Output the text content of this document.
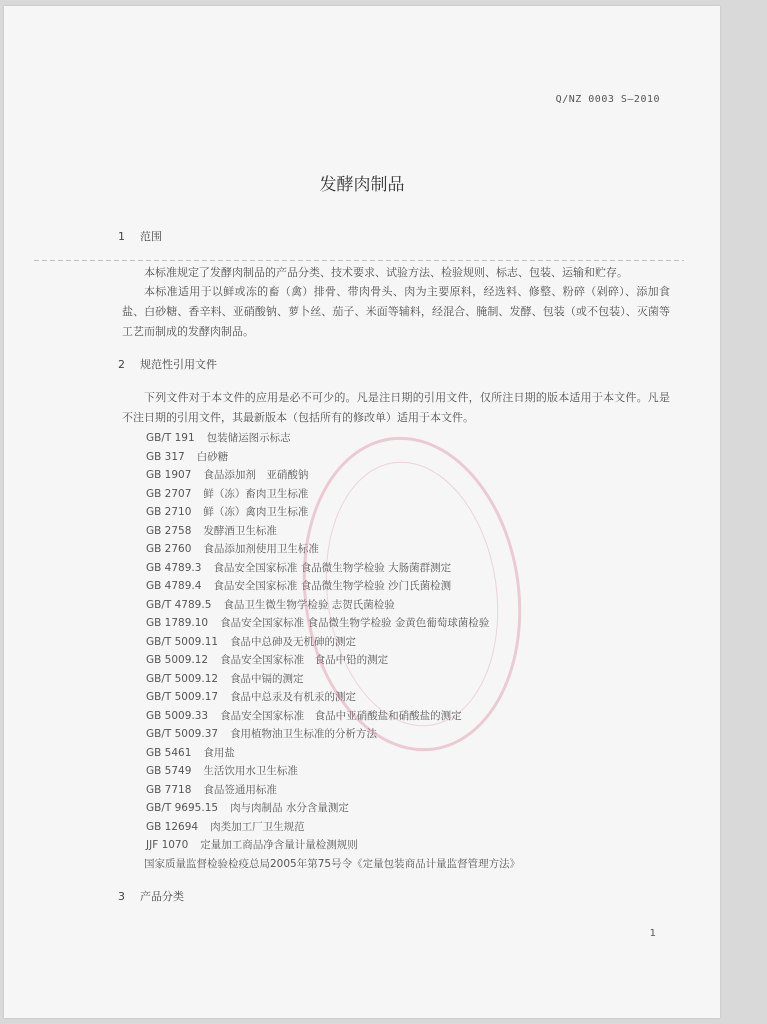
Q/NZ 0003 S—2010
发酵肉制品
1 范围
本标准规定了发酵肉制品的产品分类、技术要求、试验方法、检验规则、标志、包装、运输和贮存。
本标准适用于以鲜或冻的畜（禽）排骨、带肉骨头、肉为主要原料，经选料、修整、粉碎（剁碎）、添加食盐、白砂糖、香辛料、亚硝酸钠、萝卜丝、茄子、米面等辅料，经混合、腌制、发酵、包装（或不包装）、灭菌等工艺而制成的发酵肉制品。
2 规范性引用文件
下列文件对于本文件的应用是必不可少的。凡是注日期的引用文件，仅所注日期的版本适用于本文件。凡是不注日期的引用文件，其最新版本（包括所有的修改单）适用于本文件。
GB/T 191 包装储运图示标志
GB 317 白砂糖
GB 1907 食品添加剂　亚硝酸钠
GB 2707 鲜（冻）畜肉卫生标准
GB 2710 鲜（冻）禽肉卫生标准
GB 2758 发酵酒卫生标准
GB 2760 食品添加剂使用卫生标准
GB 4789.3 食品安全国家标准 食品微生物学检验 大肠菌群测定
GB 4789.4 食品安全国家标准 食品微生物学检验 沙门氏菌检测
GB/T 4789.5 食品卫生微生物学检验 志贺氏菌检验
GB 1789.10 食品安全国家标准 食品微生物学检验 金黄色葡萄球菌检验
GB/T 5009.11 食品中总砷及无机砷的测定
GB 5009.12 食品安全国家标准　食品中铅的测定
GB/T 5009.12 食品中镉的测定
GB/T 5009.17 食品中总汞及有机汞的测定
GB 5009.33 食品安全国家标准　食品中亚硝酸盐和硝酸盐的测定
GB/T 5009.37 食用植物油卫生标准的分析方法
GB 5461 食用盐
GB 5749 生活饮用水卫生标准
GB 7718 食品签通用标准
GB/T 9695.15 肉与肉制品 水分含量测定
GB 12694 肉类加工厂卫生规范
JJF 1070 定量加工商品净含量计量检测规则
国家质量监督检验检疫总局2005年第75号令《定量包装商品计量监督管理方法》
3 产品分类
1
